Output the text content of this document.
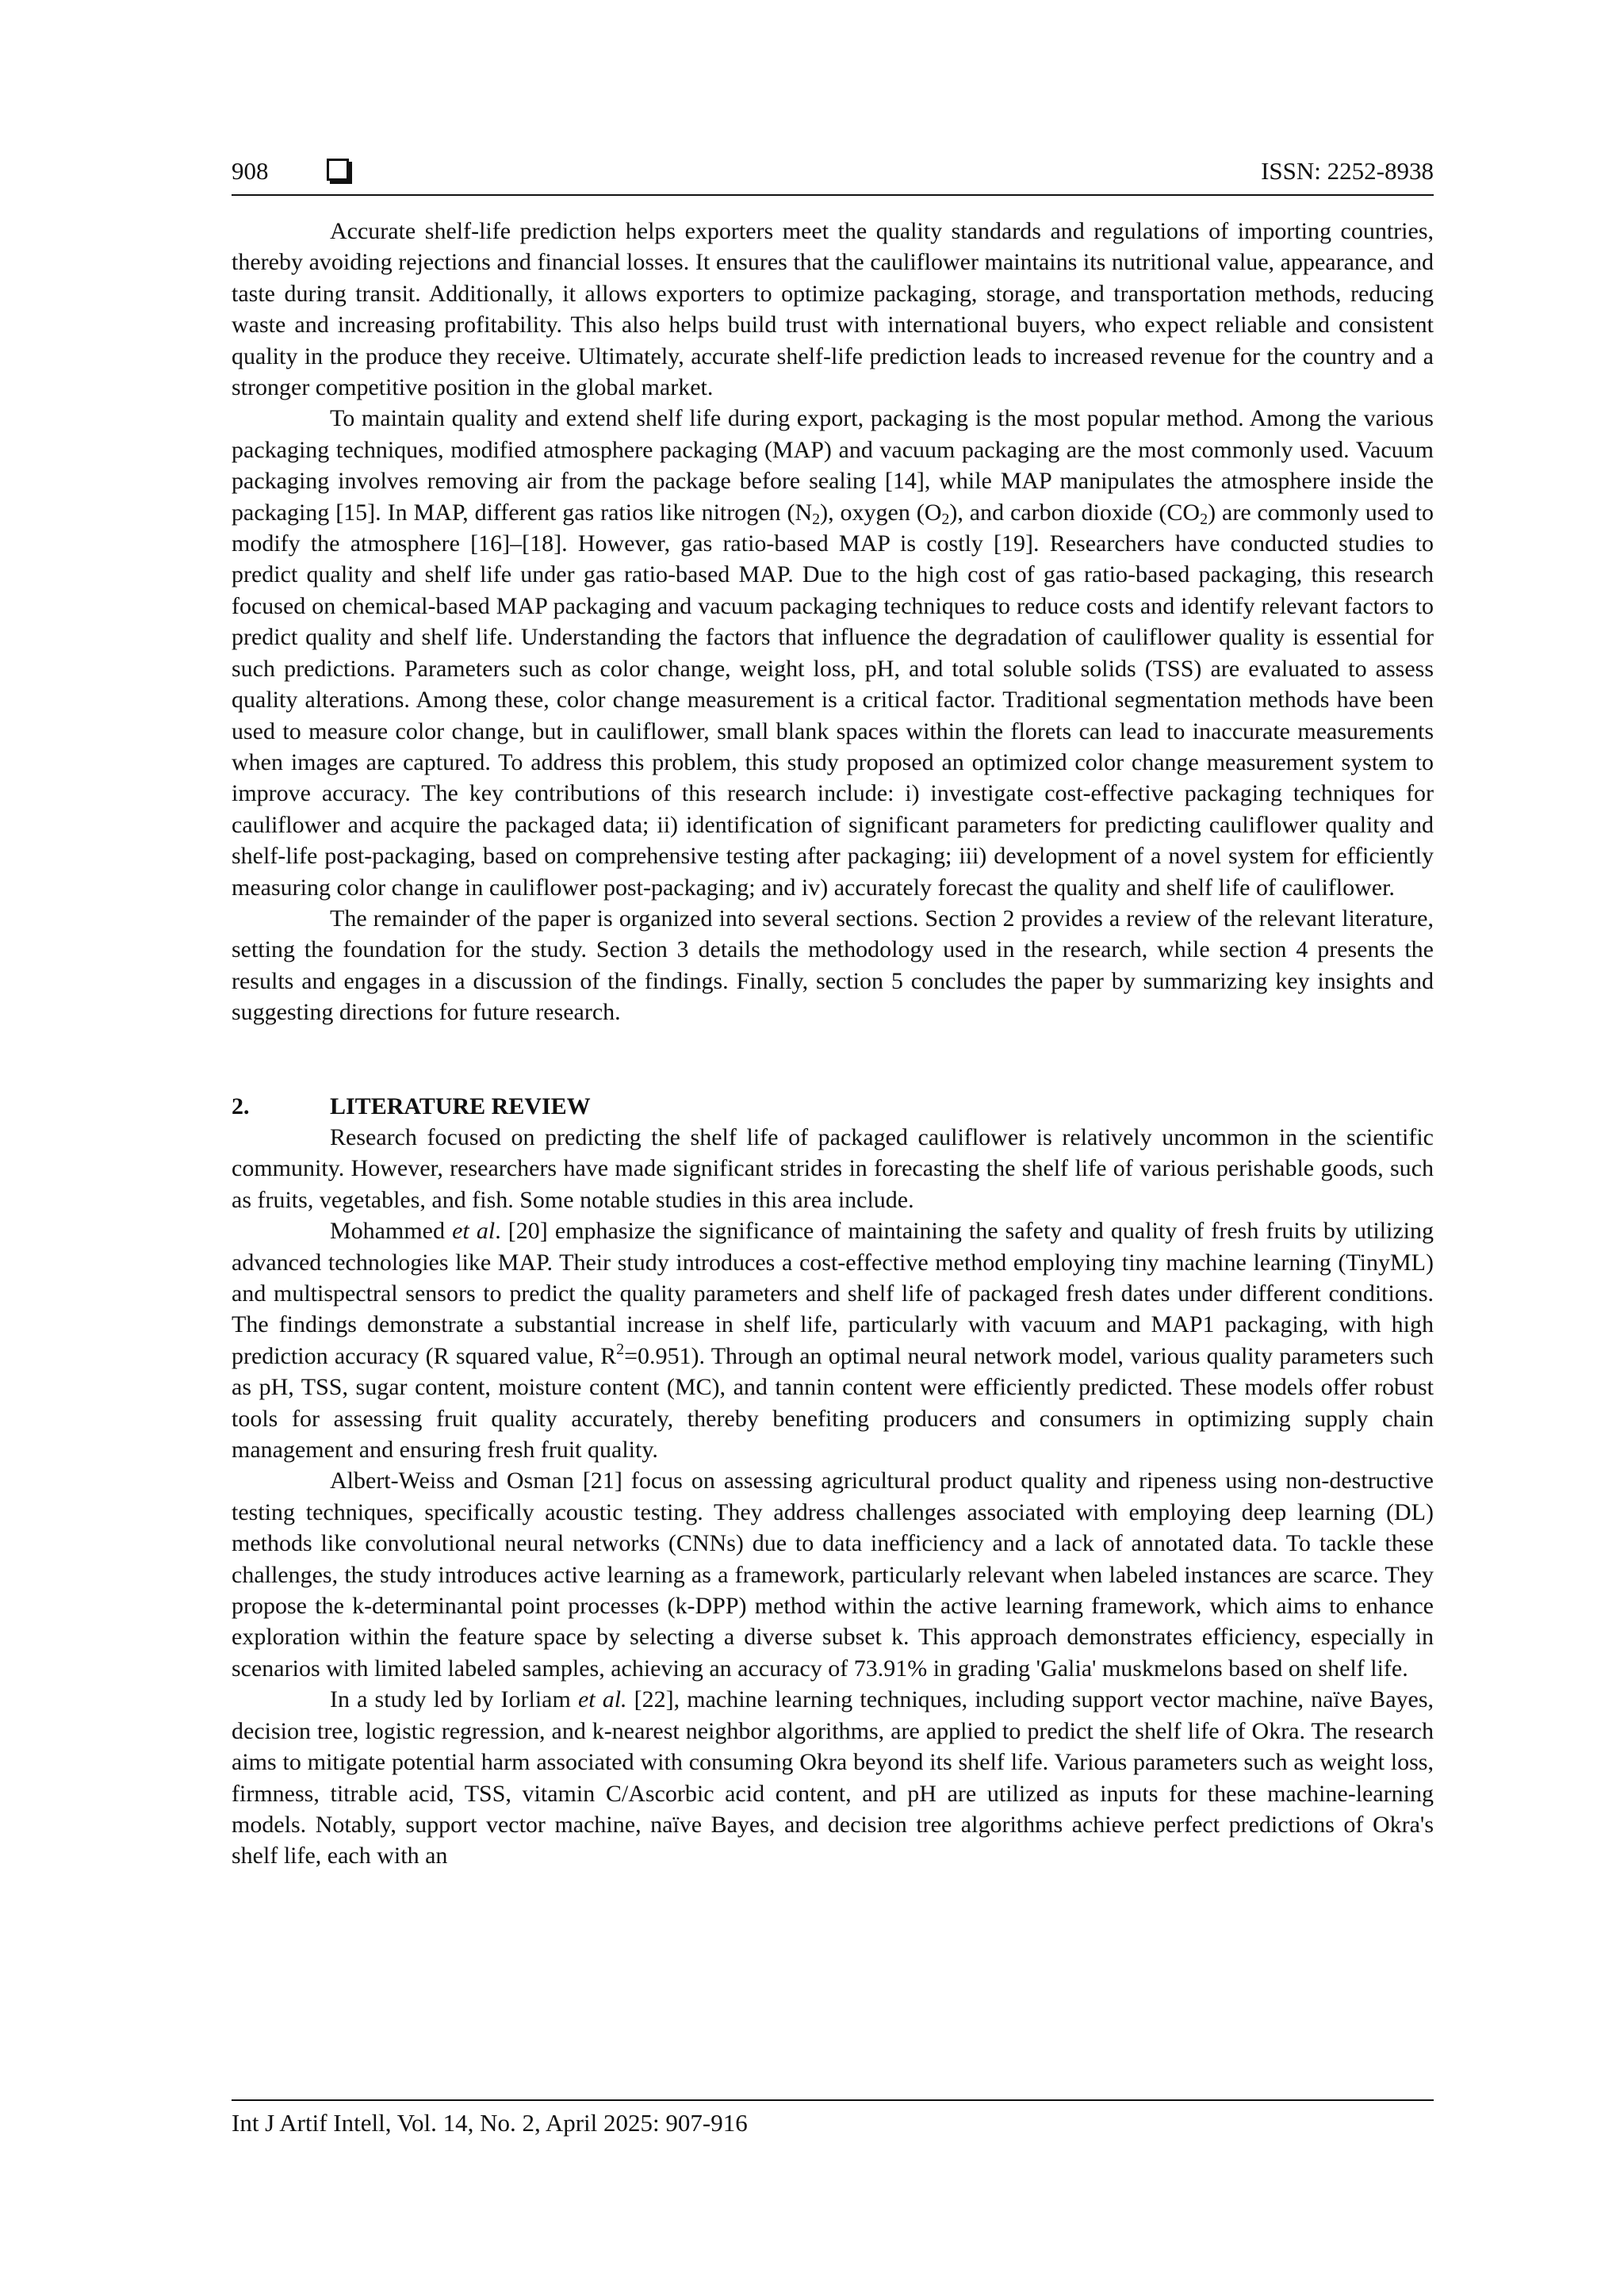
908	ISSN: 2252-8938

Accurate shelf-life prediction helps exporters meet the quality standards and regulations of importing countries, thereby avoiding rejections and financial losses. It ensures that the cauliflower maintains its nutritional value, appearance, and taste during transit. Additionally, it allows exporters to optimize packaging, storage, and transportation methods, reducing waste and increasing profitability. This also helps build trust with international buyers, who expect reliable and consistent quality in the produce they receive. Ultimately, accurate shelf-life prediction leads to increased revenue for the country and a stronger competitive position in the global market.

To maintain quality and extend shelf life during export, packaging is the most popular method. Among the various packaging techniques, modified atmosphere packaging (MAP) and vacuum packaging are the most commonly used. Vacuum packaging involves removing air from the package before sealing [14], while MAP manipulates the atmosphere inside the packaging [15]. In MAP, different gas ratios like nitrogen $(N_2)$, oxygen $(O_2)$, and carbon dioxide $(CO_2)$ are commonly used to modify the atmosphere [16]–[18]. However, gas ratio-based MAP is costly [19]. Researchers have conducted studies to predict quality and shelf life under gas ratio-based MAP. Due to the high cost of gas ratio-based packaging, this research focused on chemical-based MAP packaging and vacuum packaging techniques to reduce costs and identify relevant factors to predict quality and shelf life. Understanding the factors that influence the degradation of cauliflower quality is essential for such predictions. Parameters such as color change, weight loss, pH, and total soluble solids (TSS) are evaluated to assess quality alterations. Among these, color change measurement is a critical factor. Traditional segmentation methods have been used to measure color change, but in cauliflower, small blank spaces within the florets can lead to inaccurate measurements when images are captured. To address this problem, this study proposed an optimized color change measurement system to improve accuracy. The key contributions of this research include: i) investigate cost-effective packaging techniques for cauliflower and acquire the packaged data; ii) identification of significant parameters for predicting cauliflower quality and shelf-life post-packaging, based on comprehensive testing after packaging; iii) development of a novel system for efficiently measuring color change in cauliflower post-packaging; and iv) accurately forecast the quality and shelf life of cauliflower.

The remainder of the paper is organized into several sections. Section 2 provides a review of the relevant literature, setting the foundation for the study. Section 3 details the methodology used in the research, while section 4 presents the results and engages in a discussion of the findings. Finally, section 5 concludes the paper by summarizing key insights and suggesting directions for future research.

2.	LITERATURE REVIEW

Research focused on predicting the shelf life of packaged cauliflower is relatively uncommon in the scientific community. However, researchers have made significant strides in forecasting the shelf life of various perishable goods, such as fruits, vegetables, and fish. Some notable studies in this area include.

Mohammed et al. [20] emphasize the significance of maintaining the safety and quality of fresh fruits by utilizing advanced technologies like MAP. Their study introduces a cost-effective method employing tiny machine learning (TinyML) and multispectral sensors to predict the quality parameters and shelf life of packaged fresh dates under different conditions. The findings demonstrate a substantial increase in shelf life, particularly with vacuum and MAP1 packaging, with high prediction accuracy (R squared value, $R^2=0.951$). Through an optimal neural network model, various quality parameters such as pH, TSS, sugar content, moisture content (MC), and tannin content were efficiently predicted. These models offer robust tools for assessing fruit quality accurately, thereby benefiting producers and consumers in optimizing supply chain management and ensuring fresh fruit quality.

Albert-Weiss and Osman [21] focus on assessing agricultural product quality and ripeness using non-destructive testing techniques, specifically acoustic testing. They address challenges associated with employing deep learning (DL) methods like convolutional neural networks (CNNs) due to data inefficiency and a lack of annotated data. To tackle these challenges, the study introduces active learning as a framework, particularly relevant when labeled instances are scarce. They propose the k-determinantal point processes (k-DPP) method within the active learning framework, which aims to enhance exploration within the feature space by selecting a diverse subset k. This approach demonstrates efficiency, especially in scenarios with limited labeled samples, achieving an accuracy of 73.91% in grading 'Galia' muskmelons based on shelf life.

In a study led by Iorliam et al. [22], machine learning techniques, including support vector machine, naïve Bayes, decision tree, logistic regression, and k-nearest neighbor algorithms, are applied to predict the shelf life of Okra. The research aims to mitigate potential harm associated with consuming Okra beyond its shelf life. Various parameters such as weight loss, firmness, titrable acid, TSS, vitamin C/Ascorbic acid content, and pH are utilized as inputs for these machine-learning models. Notably, support vector machine, naïve Bayes, and decision tree algorithms achieve perfect predictions of Okra's shelf life, each with an

Int J Artif Intell, Vol. 14, No. 2, April 2025: 907-916
